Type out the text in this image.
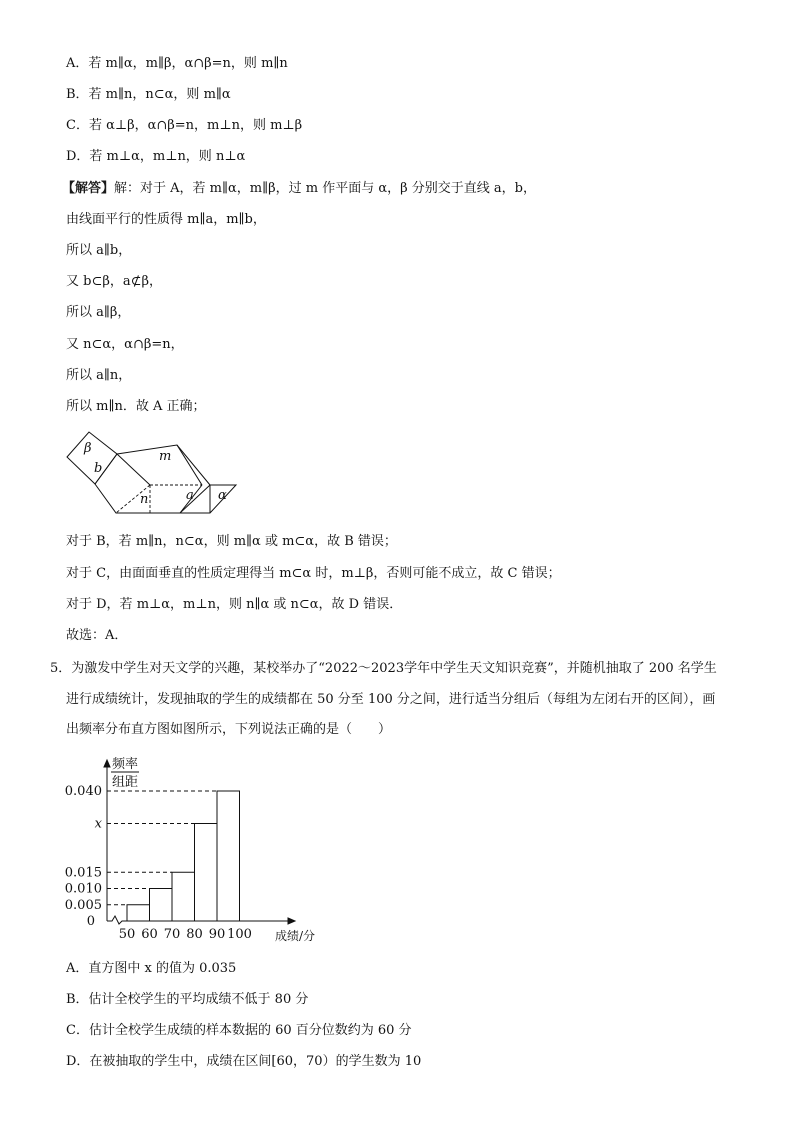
A．若 m∥α，m∥β，α∩β=n，则 m∥n
B．若 m∥n，n⊂α，则 m∥α
C．若 α⊥β，α∩β=n，m⊥n，则 m⊥β
D．若 m⊥α，m⊥n，则 n⊥α
【解答】解：对于 A，若 m∥α，m∥β，过 m 作平面与 α，β 分别交于直线 a，b，
由线面平行的性质得 m∥a，m∥b，
所以 a∥b，
又 b⊂β，a⊄β，
所以 a∥β，
又 n⊂α，α∩β=n，
所以 a∥n，
所以 m∥n．故 A 正确；
β
b
m
n	a α
对于 B，若 m∥n，n⊂α，则 m∥α 或 m⊂α，故 B 错误；
对于 C，由面面垂直的性质定理得当 m⊂α 时，m⊥β，否则可能不成立，故 C 错误；
对于 D，若 m⊥α，m⊥n，则 n∥α 或 n⊂α，故 D 错误．
故选：A．
5．为激发中学生对天文学的兴趣，某校举办了“2022～2023学年中学生天文知识竞赛”，并随机抽取了 200 名学生
进行成绩统计，发现抽取的学生的成绩都在 50 分至 100 分之间，进行适当分组后（每组为左闭右开的区间），画
出频率分布直方图如图所示，下列说法正确的是（　　）
0.005
0.010
0.015
x
0.040
0
50 60 70 80 90 100 成绩/分
频率
组距
A．直方图中 x 的值为 0.035
B．估计全校学生的平均成绩不低于 80 分
C．估计全校学生成绩的样本数据的 60 百分位数约为 60 分
D．在被抽取的学生中，成绩在区间[60，70）的学生数为 10
